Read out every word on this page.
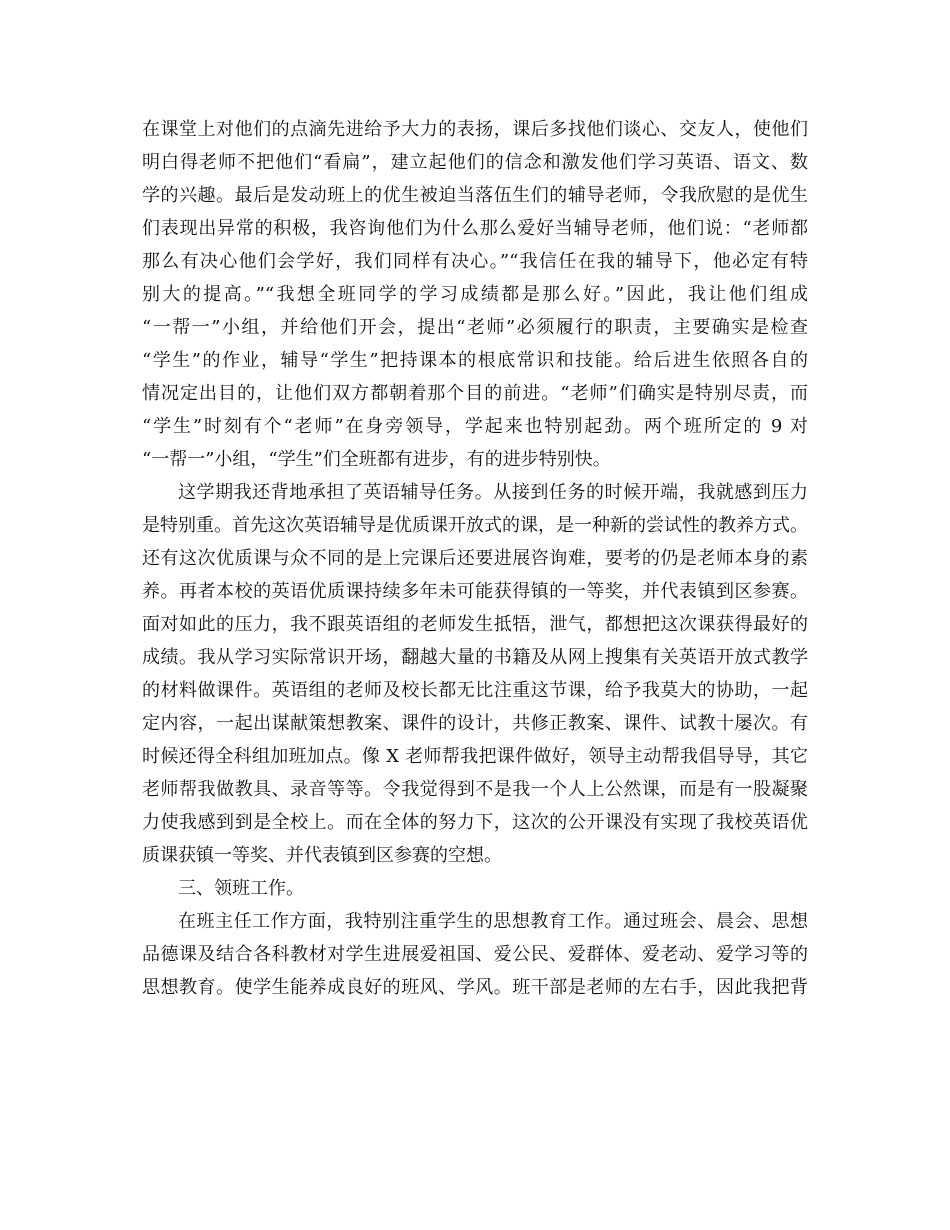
在课堂上对他们的点滴先进给予大力的表扬，课后多找他们谈心、交友人，使他们
明白得老师不把他们“看扁”，建立起他们的信念和激发他们学习英语、语文、数
学的兴趣。最后是发动班上的优生被迫当落伍生们的辅导老师，令我欣慰的是优生
们表现出异常的积极，我咨询他们为什么那么爱好当辅导老师，他们说：“老师都
那么有决心他们会学好，我们同样有决心。”“我信任在我的辅导下，他必定有特
别大的提高。”“我想全班同学的学习成绩都是那么好。”因此，我让他们组成
“一帮一”小组，并给他们开会，提出“老师”必须履行的职责，主要确实是检查
“学生”的作业，辅导“学生”把持课本的根底常识和技能。给后进生依照各自的
情况定出目的，让他们双方都朝着那个目的前进。“老师”们确实是特别尽责，而
“学生”时刻有个“老师”在身旁领导，学起来也特别起劲。两个班所定的 9 对
“一帮一”小组，“学生”们全班都有进步，有的进步特别快。
这学期我还背地承担了英语辅导任务。从接到任务的时候开端，我就感到压力
是特别重。首先这次英语辅导是优质课开放式的课，是一种新的尝试性的教养方式。
还有这次优质课与众不同的是上完课后还要进展咨询难，要考的仍是老师本身的素
养。再者本校的英语优质课持续多年未可能获得镇的一等奖，并代表镇到区参赛。
面对如此的压力，我不跟英语组的老师发生抵牾，泄气，都想把这次课获得最好的
成绩。我从学习实际常识开场，翻越大量的书籍及从网上搜集有关英语开放式教学
的材料做课件。英语组的老师及校长都无比注重这节课，给予我莫大的协助，一起
定内容，一起出谋献策想教案、课件的设计，共修正教案、课件、试教十屡次。有
时候还得全科组加班加点。像 X 老师帮我把课件做好，领导主动帮我倡导导，其它
老师帮我做教具、录音等等。令我觉得到不是我一个人上公然课，而是有一股凝聚
力使我感到到是全校上。而在全体的努力下，这次的公开课没有实现了我校英语优
质课获镇一等奖、并代表镇到区参赛的空想。
三、领班工作。
在班主任工作方面，我特别注重学生的思想教育工作。通过班会、晨会、思想
品德课及结合各科教材对学生进展爱祖国、爱公民、爱群体、爱老动、爱学习等的
思想教育。使学生能养成良好的班风、学风。班干部是老师的左右手，因此我把背
